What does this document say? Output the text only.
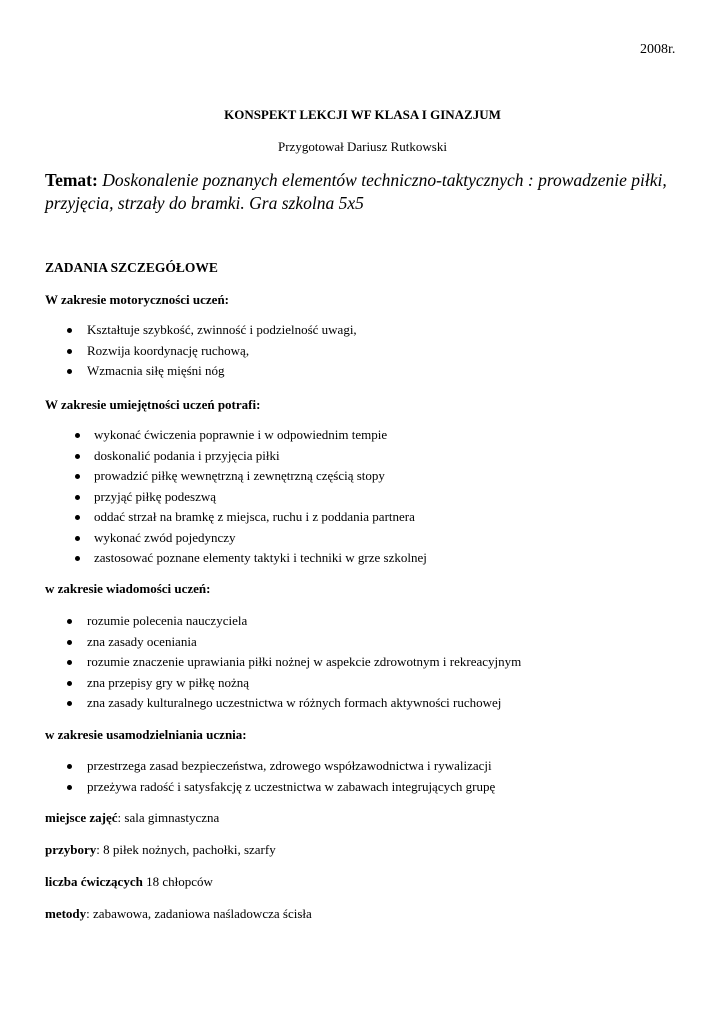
2008r.
KONSPEKT LEKCJI WF KLASA I GINAZJUM
Przygotował Dariusz Rutkowski
Temat: Doskonalenie poznanych elementów techniczno-taktycznych : prowadzenie piłki, przyjęcia, strzały do bramki. Gra szkolna 5x5
ZADANIA SZCZEGÓŁOWE
W zakresie motoryczności uczeń:
Kształtuje szybkość, zwinność i podzielność uwagi,
Rozwija koordynację ruchową,
Wzmacnia siłę mięśni nóg
W zakresie umiejętności uczeń potrafi:
wykonać ćwiczenia poprawnie i w odpowiednim tempie
doskonalić podania i przyjęcia piłki
prowadzić piłkę wewnętrzną i zewnętrzną częścią stopy
przyjąć piłkę podeszwą
oddać strzał na bramkę z miejsca, ruchu i z poddania partnera
wykonać zwód pojedynczy
zastosować poznane elementy taktyki i techniki w grze szkolnej
w zakresie wiadomości uczeń:
rozumie polecenia nauczyciela
zna zasady oceniania
rozumie znaczenie uprawiania piłki nożnej w aspekcie zdrowotnym i rekreacyjnym
zna przepisy gry w piłkę nożną
zna zasady kulturalnego uczestnictwa w różnych formach aktywności ruchowej
w zakresie usamodzielniania ucznia:
przestrzega zasad bezpieczeństwa, zdrowego współzawodnictwa i rywalizacji
przeżywa radość i satysfakcję z uczestnictwa w zabawach integrujących grupę
miejsce zajęć: sala gimnastyczna
przybory: 8 piłek nożnych, pachołki, szarfy
liczba ćwiczących 18 chłopców
metody: zabawowa, zadaniowa naśladowcza ścisła
